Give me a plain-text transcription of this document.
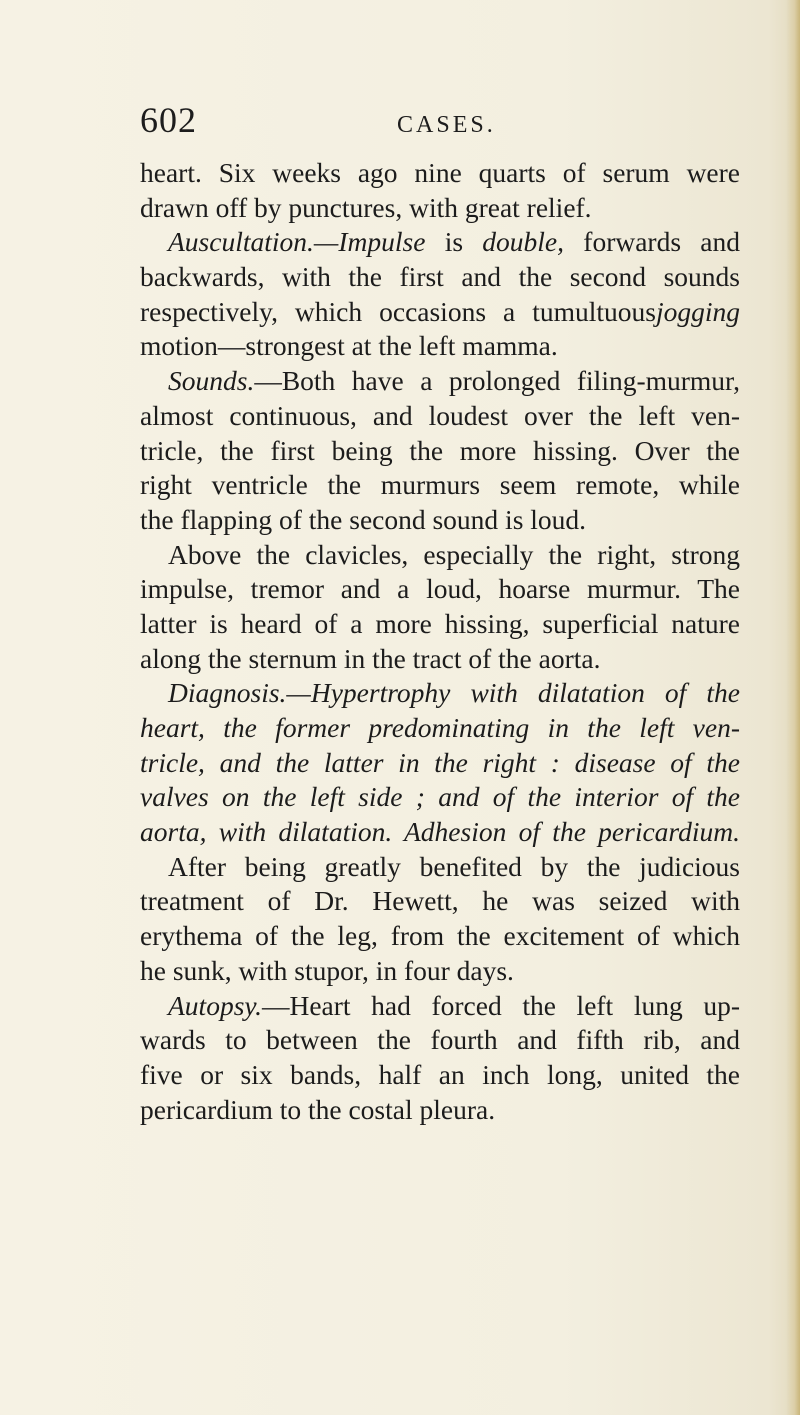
602	CASES.
heart. Six weeks ago nine quarts of serum were
drawn off by punctures, with great relief.
Auscultation.—Impulse is double, forwards and
backwards, with the first and the second sounds
respectively, which occasions a tumultuousjogging
motion—strongest at the left mamma.
Sounds.—Both have a prolonged filing-murmur,
almost continuous, and loudest over the left ven-
tricle, the first being the more hissing. Over the
right ventricle the murmurs seem remote, while
the flapping of the second sound is loud.
Above the clavicles, especially the right, strong
impulse, tremor and a loud, hoarse murmur. The
latter is heard of a more hissing, superficial nature
along the sternum in the tract of the aorta.
Diagnosis.—Hypertrophy with dilatation of the
heart, the former predominating in the left ven-
tricle, and the latter in the right : disease of the
valves on the left side ; and of the interior of the
aorta, with dilatation. Adhesion of the pericardium.
After being greatly benefited by the judicious
treatment of Dr. Hewett, he was seized with
erythema of the leg, from the excitement of which
he sunk, with stupor, in four days.
Autopsy.—Heart had forced the left lung up-
wards to between the fourth and fifth rib, and
five or six bands, half an inch long, united the
pericardium to the costal pleura.
